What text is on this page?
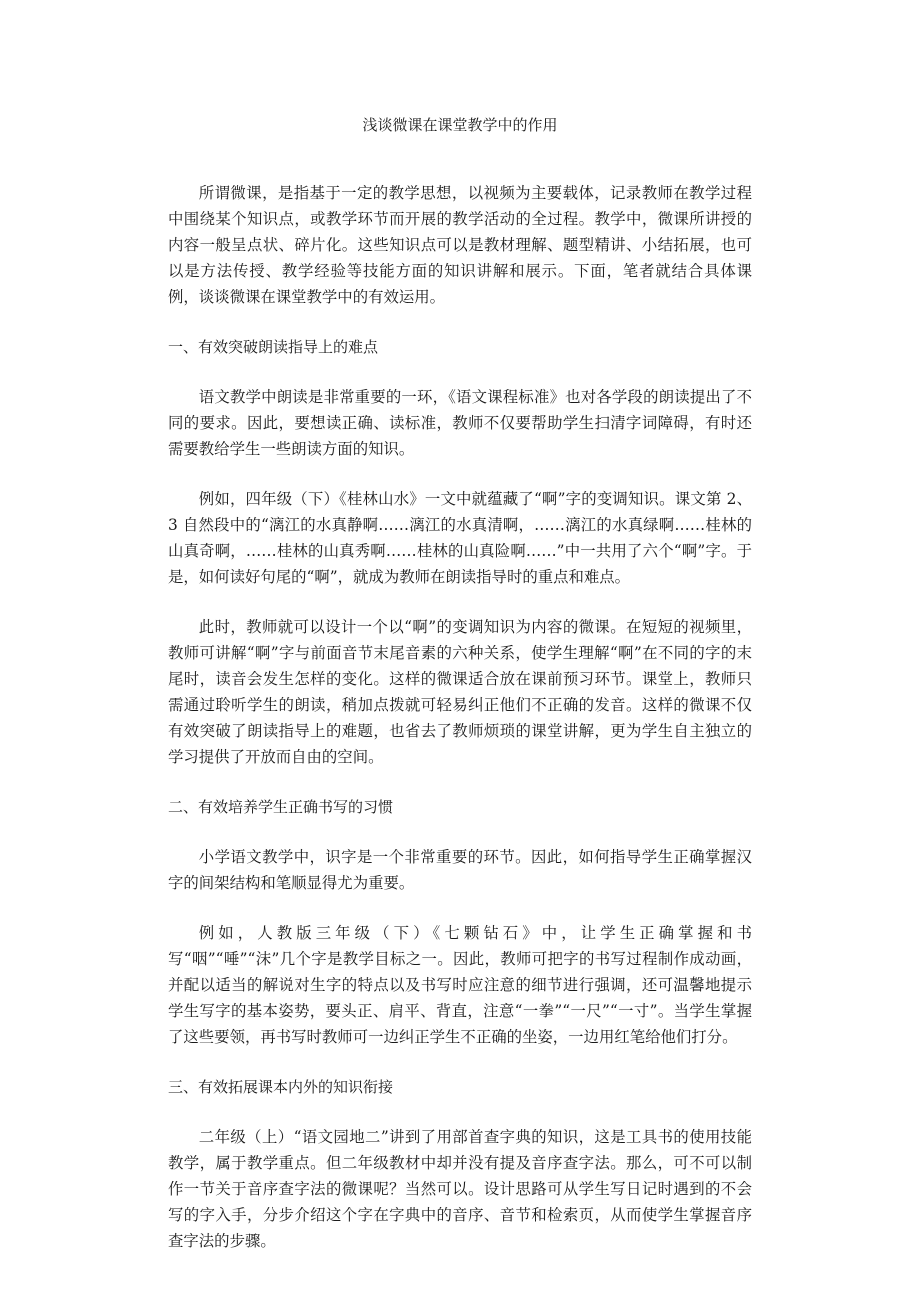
浅谈微课在课堂教学中的作用

所谓微课，是指基于一定的教学思想，以视频为主要载体，记录教师在教学过程中围绕某个知识点，或教学环节而开展的教学活动的全过程。教学中，微课所讲授的内容一般呈点状、碎片化。这些知识点可以是教材理解、题型精讲、小结拓展，也可以是方法传授、教学经验等技能方面的知识讲解和展示。下面，笔者就结合具体课例，谈谈微课在课堂教学中的有效运用。

一、有效突破朗读指导上的难点

语文教学中朗读是非常重要的一环，《语文课程标准》也对各学段的朗读提出了不同的要求。因此，要想读正确、读标准，教师不仅要帮助学生扫清字词障碍，有时还需要教给学生一些朗读方面的知识。

例如，四年级（下）《桂林山水》一文中就蕴藏了“啊”字的变调知识。课文第 2、3 自然段中的“漓江的水真静啊……漓江的水真清啊，……漓江的水真绿啊……桂林的山真奇啊，……桂林的山真秀啊……桂林的山真险啊……”中一共用了六个“啊”字。于是，如何读好句尾的“啊”，就成为教师在朗读指导时的重点和难点。

此时，教师就可以设计一个以“啊”的变调知识为内容的微课。在短短的视频里，教师可讲解“啊”字与前面音节末尾音素的六种关系，使学生理解“啊”在不同的字的末尾时，读音会发生怎样的变化。这样的微课适合放在课前预习环节。课堂上，教师只需通过聆听学生的朗读，稍加点拨就可轻易纠正他们不正确的发音。这样的微课不仅有效突破了朗读指导上的难题，也省去了教师烦琐的课堂讲解，更为学生自主独立的学习提供了开放而自由的空间。

二、有效培养学生正确书写的习惯

小学语文教学中，识字是一个非常重要的环节。因此，如何指导学生正确掌握汉字的间架结构和笔顺显得尤为重要。

例如，人教版三年级（下）《七颗钻石》中，让学生正确掌握和书写“咽”“唾”“沫”几个字是教学目标之一。因此，教师可把字的书写过程制作成动画，并配以适当的解说对生字的特点以及书写时应注意的细节进行强调，还可温馨地提示学生写字的基本姿势，要头正、肩平、背直，注意“一拳”“一尺”“一寸”。当学生掌握了这些要领，再书写时教师可一边纠正学生不正确的坐姿，一边用红笔给他们打分。

三、有效拓展课本内外的知识衔接

二年级（上）“语文园地二”讲到了用部首查字典的知识，这是工具书的使用技能教学，属于教学重点。但二年级教材中却并没有提及音序查字法。那么，可不可以制作一节关于音序查字法的微课呢？当然可以。设计思路可从学生写日记时遇到的不会写的字入手，分步介绍这个字在字典中的音序、音节和检索页，从而使学生掌握音序查字法的步骤。
